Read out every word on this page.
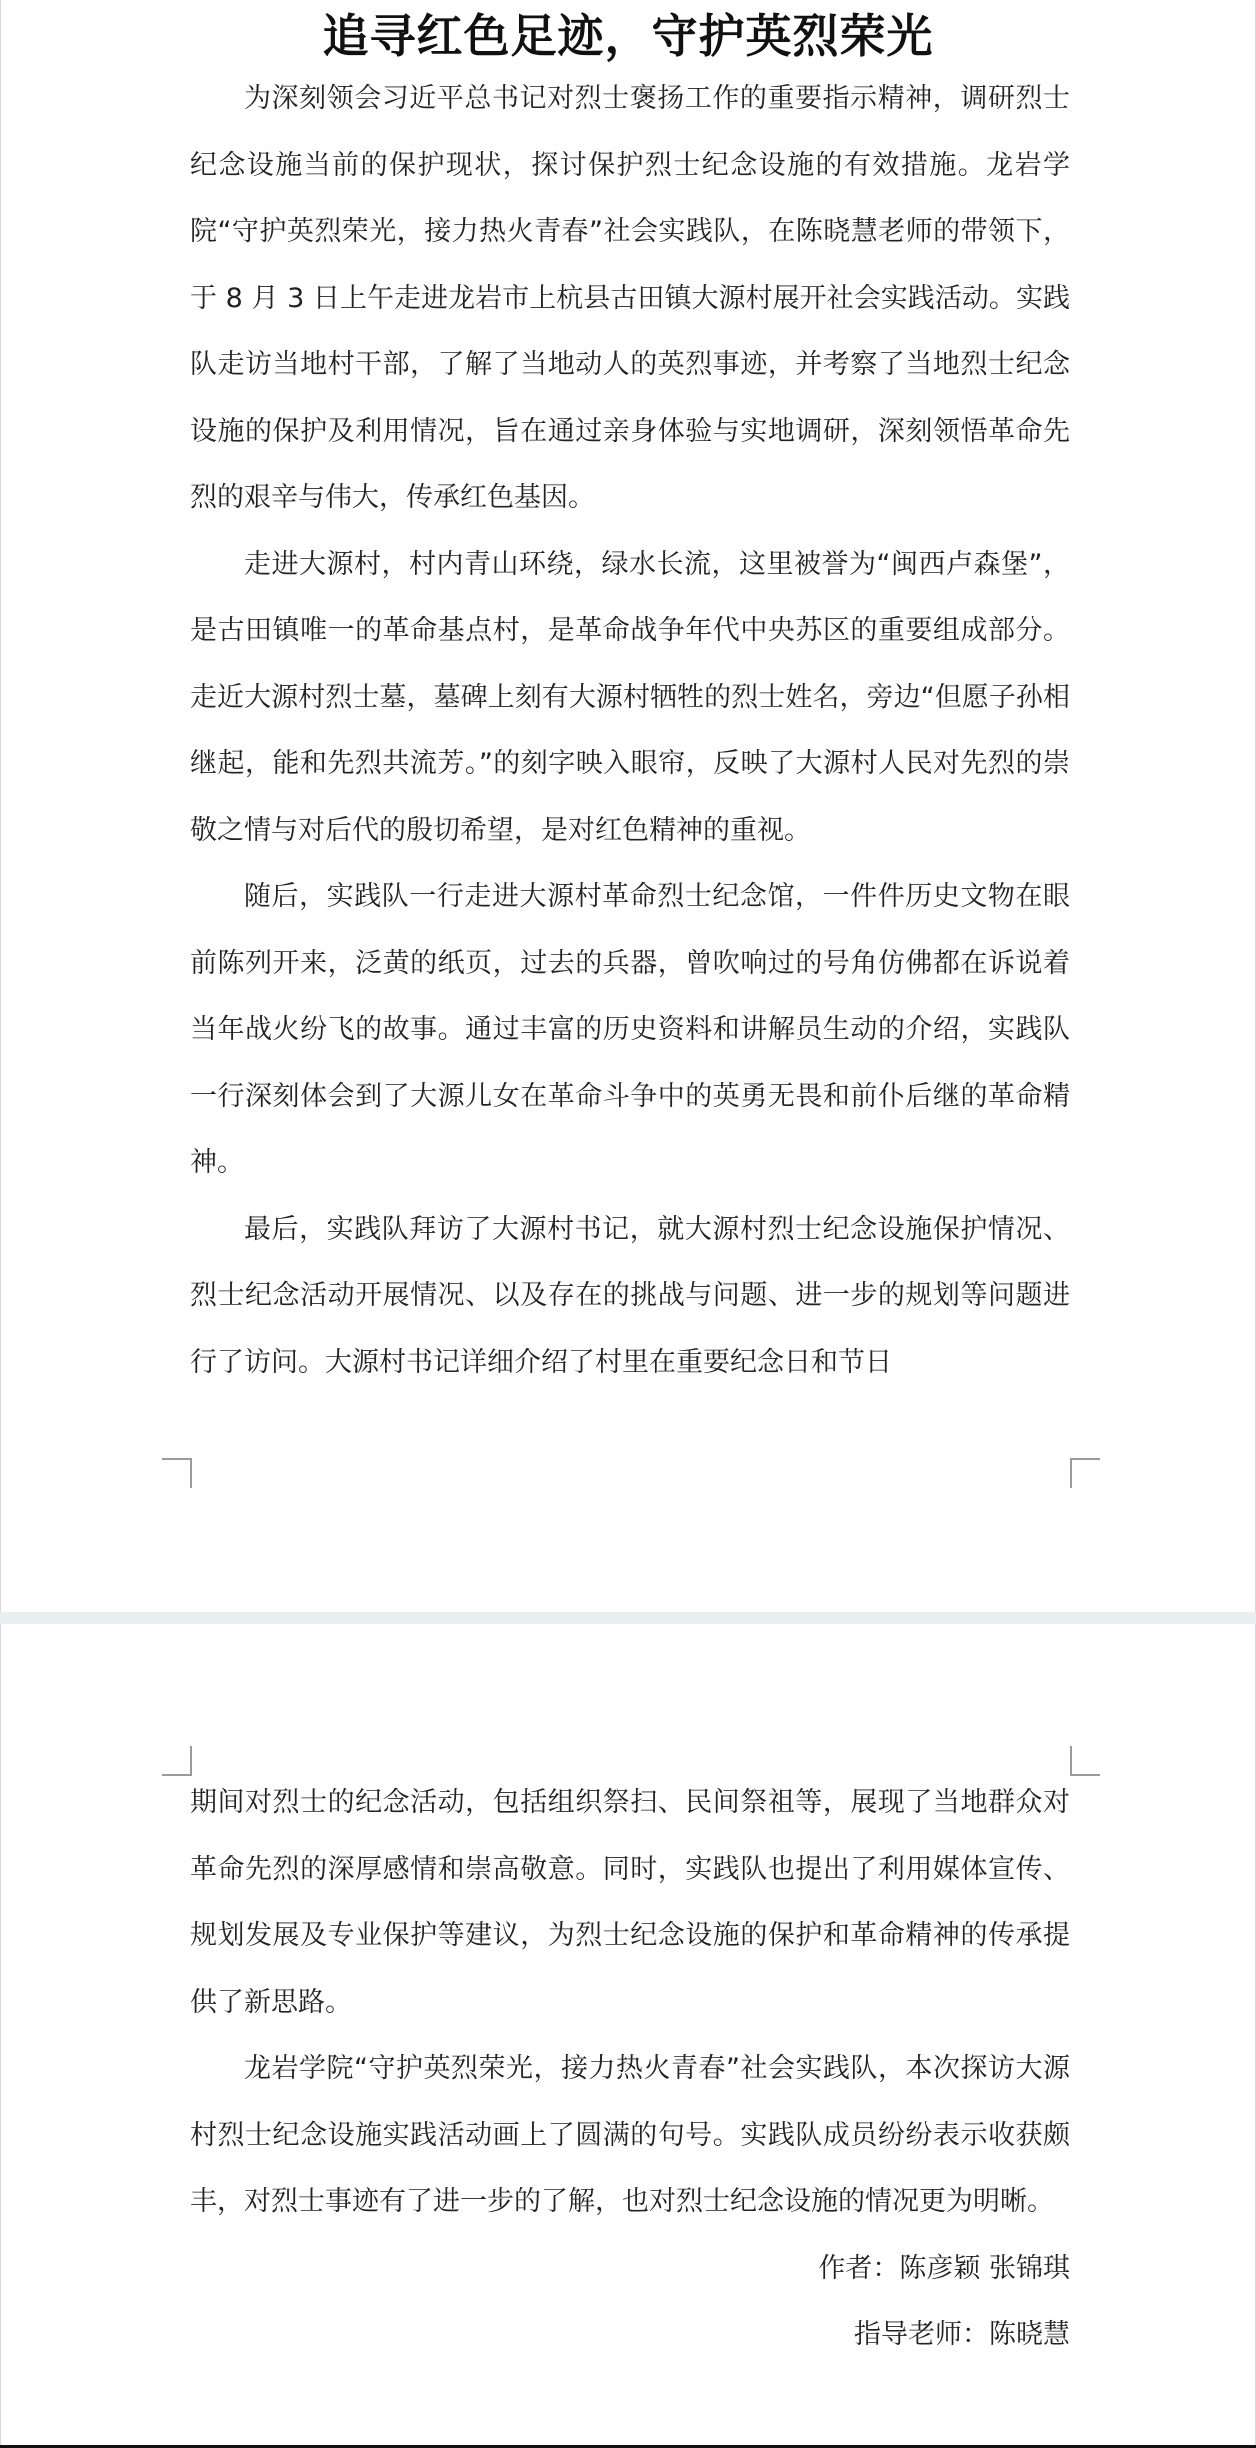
追寻红色足迹，守护英烈荣光

为深刻领会习近平总书记对烈士褒扬工作的重要指示精神，调研烈士纪念设施当前的保护现状，探讨保护烈士纪念设施的有效措施。龙岩学院“守护英烈荣光，接力热火青春”社会实践队，在陈晓慧老师的带领下，于 8 月 3 日上午走进龙岩市上杭县古田镇大源村展开社会实践活动。实践队走访当地村干部，了解了当地动人的英烈事迹，并考察了当地烈士纪念设施的保护及利用情况，旨在通过亲身体验与实地调研，深刻领悟革命先烈的艰辛与伟大，传承红色基因。

走进大源村，村内青山环绕，绿水长流，这里被誉为“闽西卢森堡”，是古田镇唯一的革命基点村，是革命战争年代中央苏区的重要组成部分。走近大源村烈士墓，墓碑上刻有大源村牺牲的烈士姓名，旁边“但愿子孙相继起，能和先烈共流芳。”的刻字映入眼帘，反映了大源村人民对先烈的崇敬之情与对后代的殷切希望，是对红色精神的重视。

随后，实践队一行走进大源村革命烈士纪念馆，一件件历史文物在眼前陈列开来，泛黄的纸页，过去的兵器，曾吹响过的号角仿佛都在诉说着当年战火纷飞的故事。通过丰富的历史资料和讲解员生动的介绍，实践队一行深刻体会到了大源儿女在革命斗争中的英勇无畏和前仆后继的革命精神。

最后，实践队拜访了大源村书记，就大源村烈士纪念设施保护情况、烈士纪念活动开展情况、以及存在的挑战与问题、进一步的规划等问题进行了访问。大源村书记详细介绍了村里在重要纪念日和节日

期间对烈士的纪念活动，包括组织祭扫、民间祭祖等，展现了当地群众对革命先烈的深厚感情和崇高敬意。同时，实践队也提出了利用媒体宣传、规划发展及专业保护等建议，为烈士纪念设施的保护和革命精神的传承提供了新思路。

龙岩学院“守护英烈荣光，接力热火青春”社会实践队，本次探访大源村烈士纪念设施实践活动画上了圆满的句号。实践队成员纷纷表示收获颇丰，对烈士事迹有了进一步的了解，也对烈士纪念设施的情况更为明晰。

作者：陈彦颖 张锦琪
指导老师：陈晓慧
